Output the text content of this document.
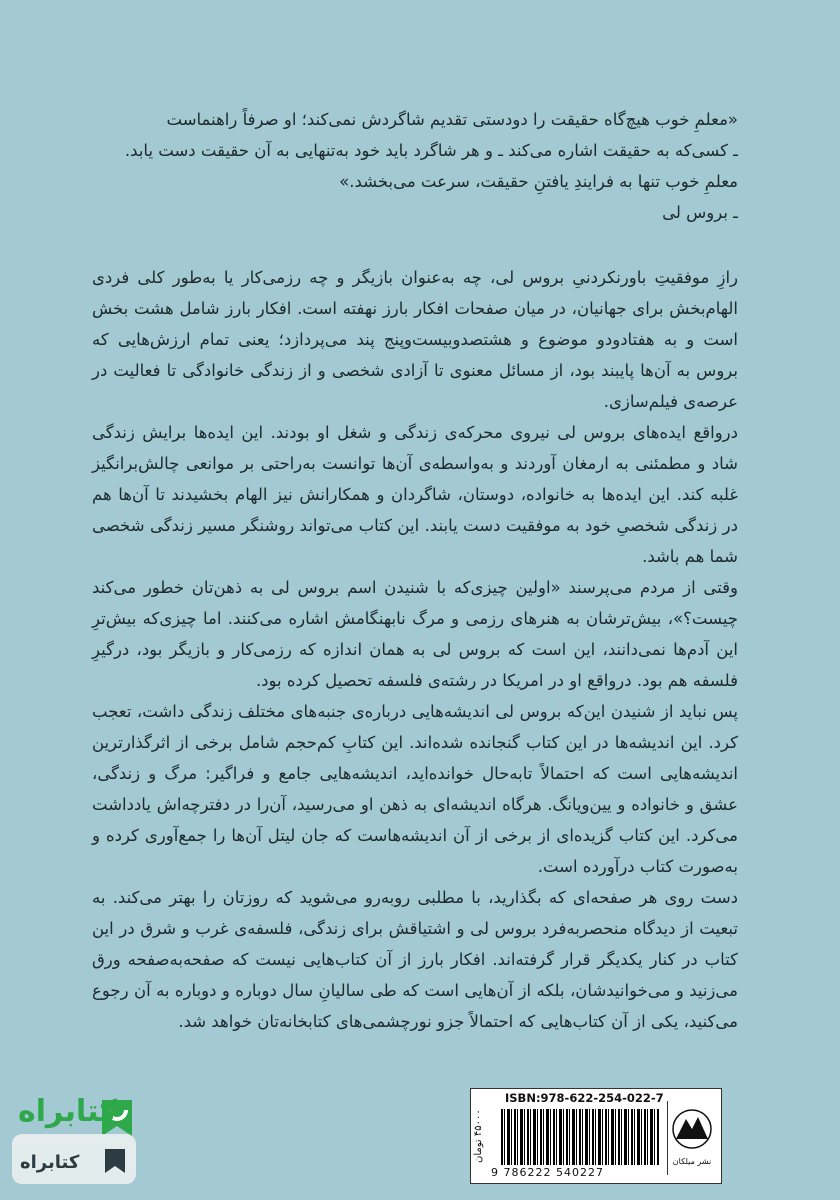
«معلمِ خوب هیچ‌گاه حقیقت را دودستی تقدیم شاگردش نمی‌کند؛ او صرفاً راهنماست
ـ کسی‌که به حقیقت اشاره می‌کند ـ و هر شاگرد باید خود به‌تنهایی به آن حقیقت دست یابد.
معلمِ خوب تنها به فرایندِ یافتنِ حقیقت، سرعت می‌بخشد.»
ـ بروس لی

رازِ موفقیتِ باورنکردنیِ بروس لی، چه به‌عنوان بازیگر و چه رزمی‌کار یا به‌طور کلی فردی الهام‌بخش برای جهانیان، در میان صفحات افکار بارز نهفته است. افکار بارز شامل هشت بخش است و به هفتادودو موضوع و هشتصدوبیست‌وپنج پند می‌پردازد؛ یعنی تمام ارزش‌هایی که بروس به آن‌ها پایبند بود، از مسائل معنوی تا آزادی شخصی و از زندگی خانوادگی تا فعالیت در عرصه‌ی فیلم‌سازی.

درواقع ایده‌های بروس لی نیروی محرکه‌ی زندگی و شغل او بودند. این ایده‌ها برایش زندگی شاد و مطمئنی به ارمغان آوردند و به‌واسطه‌ی آن‌ها توانست به‌راحتی بر موانعی چالش‌برانگیز غلبه کند. این ایده‌ها به خانواده، دوستان، شاگردان و همکارانش نیز الهام بخشیدند تا آن‌ها هم در زندگی شخصیِ خود به موفقیت دست یابند. این کتاب می‌تواند روشنگر مسیر زندگی شخصی شما هم باشد.

وقتی از مردم می‌پرسند «اولین چیزی‌که با شنیدن اسم بروس لی به ذهن‌تان خطور می‌کند چیست؟»، بیش‌ترشان به هنرهای رزمی و مرگ نابهنگامش اشاره می‌کنند. اما چیزی‌که بیش‌ترِ این آدم‌ها نمی‌دانند، این است که بروس لی به همان اندازه که رزمی‌کار و بازیگر بود، درگیرِ فلسفه هم بود. درواقع او در امریکا در رشته‌ی فلسفه تحصیل کرده بود.

پس نباید از شنیدن این‌که بروس لی اندیشه‌هایی درباره‌ی جنبه‌های مختلف زندگی داشت، تعجب کرد. این اندیشه‌ها در این کتاب گنجانده شده‌اند. این کتابِ کم‌حجم شامل برخی از اثرگذارترین اندیشه‌هایی است که احتمالاً تابه‌حال خوانده‌اید، اندیشه‌هایی جامع و فراگیر: مرگ و زندگی، عشق و خانواده و یین‌ویانگ. هرگاه اندیشه‌ای به ذهن او می‌رسید، آن‌را در دفترچه‌اش یادداشت می‌کرد. این کتاب گزیده‌ای از برخی از آن اندیشه‌هاست که جان لیتل آن‌ها را جمع‌آوری کرده و به‌صورت کتاب درآورده است.

دست روی هر صفحه‌ای که بگذارید، با مطلبی روبه‌رو می‌شوید که روزتان را بهتر می‌کند. به تبعیت از دیدگاه منحصربه‌فرد بروس لی و اشتیاقش برای زندگی، فلسفه‌ی غرب و شرق در این کتاب در کنار یکدیگر قرار گرفته‌اند. افکار بارز از آن کتاب‌هایی نیست که صفحه‌به‌صفحه ورق می‌زنید و می‌خوانیدشان، بلکه از آن‌هایی است که طی سالیانِ سال دوباره و دوباره به آن رجوع می‌کنید، یکی از آن کتاب‌هایی که احتمالاً جزو نورچشمی‌های کتابخانه‌تان خواهد شد.

ISBN:978-622-254-022-7
9 786222 540227
۴۵۰۰۰ تومان
نشر میلکان
کتابراه
کتابراه
